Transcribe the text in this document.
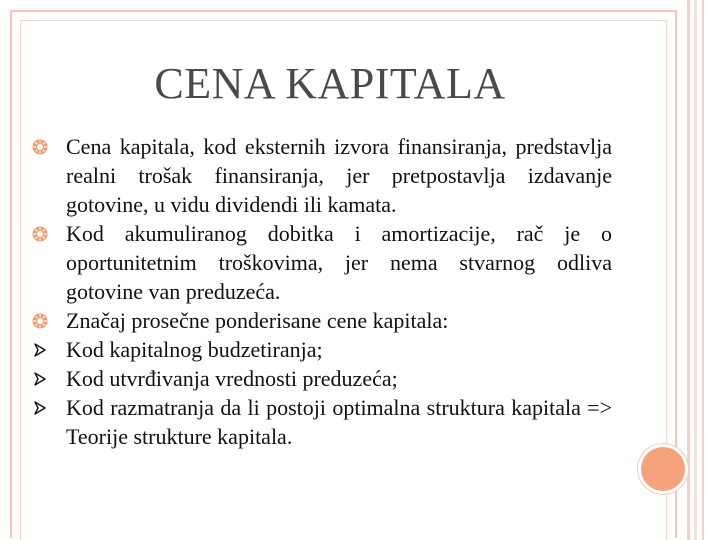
CENA KAPITALA
Cena kapitala, kod eksternih izvora finansiranja, predstavlja realni trošak finansiranja, jer pretpostavlja izdavanje gotovine, u vidu dividendi ili kamata.
Kod akumuliranog dobitka i amortizacije, rač je o oportunitetnim troškovima, jer nema stvarnog odliva gotovine van preduzeća.
Značaj prosečne ponderisane cene kapitala:
Kod kapitalnog budzetiranja;
Kod utvrđivanja vrednosti preduzeća;
Kod razmatranja da li postoji optimalna struktura kapitala => Teorije strukture kapitala.
